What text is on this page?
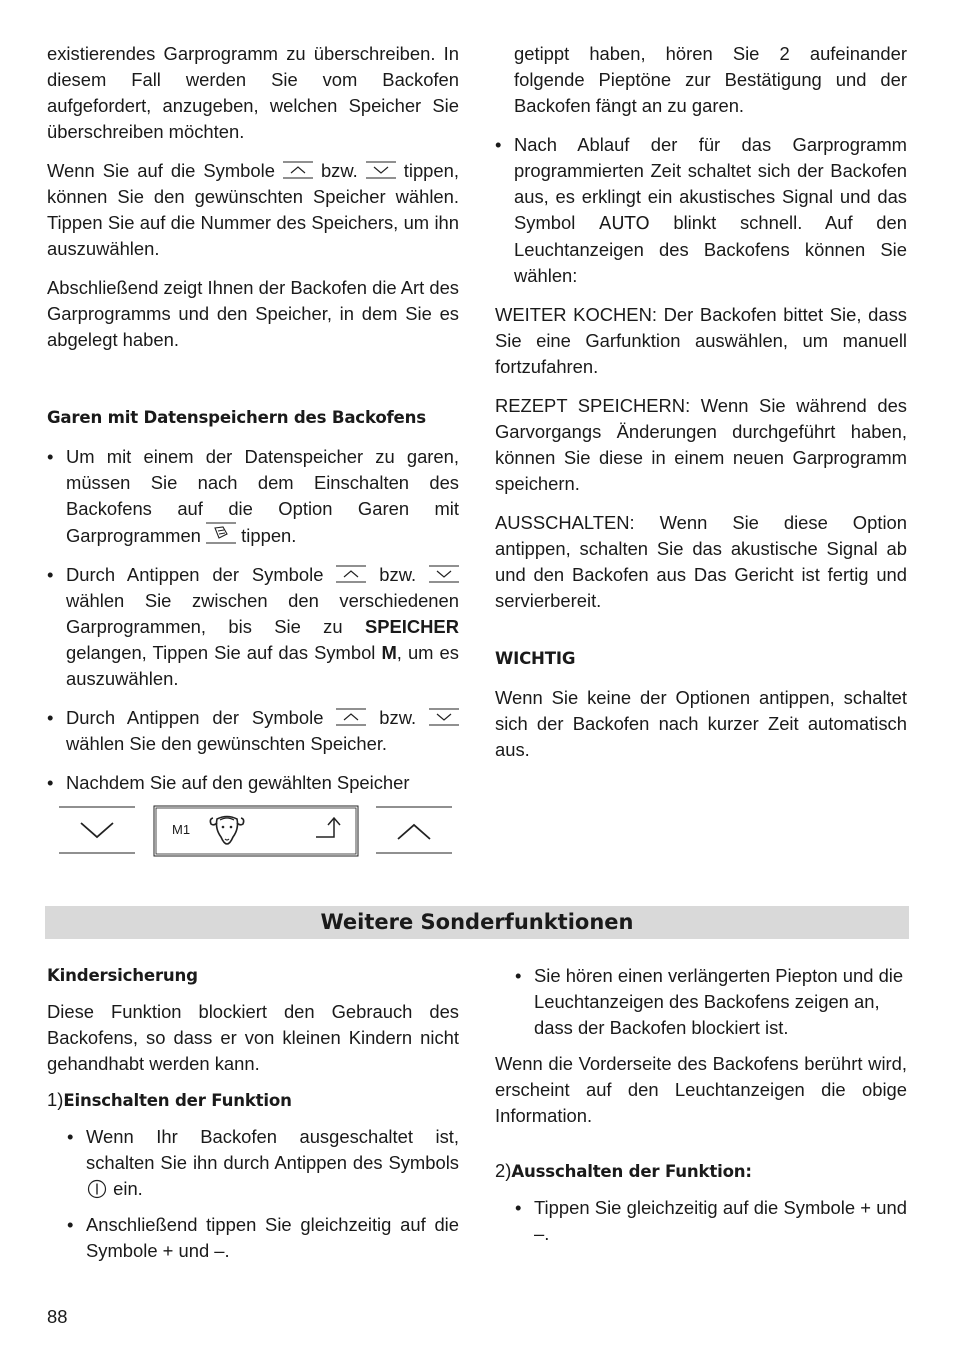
existierendes Garprogramm zu überschreiben. In diesem Fall werden Sie vom Backofen aufgefordert, anzugeben, welchen Speicher Sie überschreiben möchten.

Wenn Sie auf die Symbole	bzw.	tippen, können Sie den gewünschten Speicher wählen. Tippen Sie auf die Nummer des Speichers, um ihn auszuwählen.

Abschließend zeigt Ihnen der Backofen die Art des Garprogramms und den Speicher, in dem Sie es abgelegt haben.

Garen mit Datenspeichern des Backofens

• Um mit einem der Datenspeicher zu garen, müssen Sie nach dem Einschalten des Backofens auf die Option Garen mit Garprogrammen tippen.
• Durch Antippen der Symbole	bzw.  wählen Sie zwischen den verschiedenen Garprogrammen, bis Sie zu SPEICHER gelangen, Tippen Sie auf das Symbol M, um es auszuwählen.
• Durch Antippen der Symbole	bzw.  wählen Sie den gewünschten Speicher.
• Nachdem Sie auf den gewählten Speicher
M1

getippt haben, hören Sie 2 aufeinander folgende Pieptöne zur Bestätigung und der Backofen fängt an zu garen.

• Nach Ablauf der für das Garprogramm programmierten Zeit schaltet sich der Backofen aus, es erklingt ein akustisches Signal und das Symbol AUTO blinkt schnell. Auf den Leuchtanzeigen des Backofens können Sie wählen:

WEITER KOCHEN: Der Backofen bittet Sie, dass Sie eine Garfunktion auswählen, um manuell fortzufahren.

REZEPT SPEICHERN: Wenn Sie während des Garvorgangs Änderungen durchgeführt haben, können Sie diese in einem neuen Garprogramm speichern.

AUSSCHALTEN: Wenn Sie diese Option antippen, schalten Sie das akustische Signal ab und den Backofen aus Das Gericht ist fertig und servierbereit.

WICHTIG

Wenn Sie keine der Optionen antippen, schaltet sich der Backofen nach kurzer Zeit automatisch aus.

Weitere Sonderfunktionen

Kindersicherung

Diese Funktion blockiert den Gebrauch des Backofens, so dass er von kleinen Kindern nicht gehandhabt werden kann.

1)Einschalten der Funktion

• Wenn Ihr Backofen ausgeschaltet ist, schalten Sie ihn durch Antippen des Symbols  ein.
• Anschließend tippen Sie gleichzeitig auf die Symbole + und –.
• Sie hören einen verlängerten Piepton und die Leuchtanzeigen des Backofens zeigen an, dass der Backofen blockiert ist.

Wenn die Vorderseite des Backofens berührt wird, erscheint auf den Leuchtanzeigen die obige Information.

2)Ausschalten der Funktion:

• Tippen Sie gleichzeitig auf die Symbole + und –.
88
